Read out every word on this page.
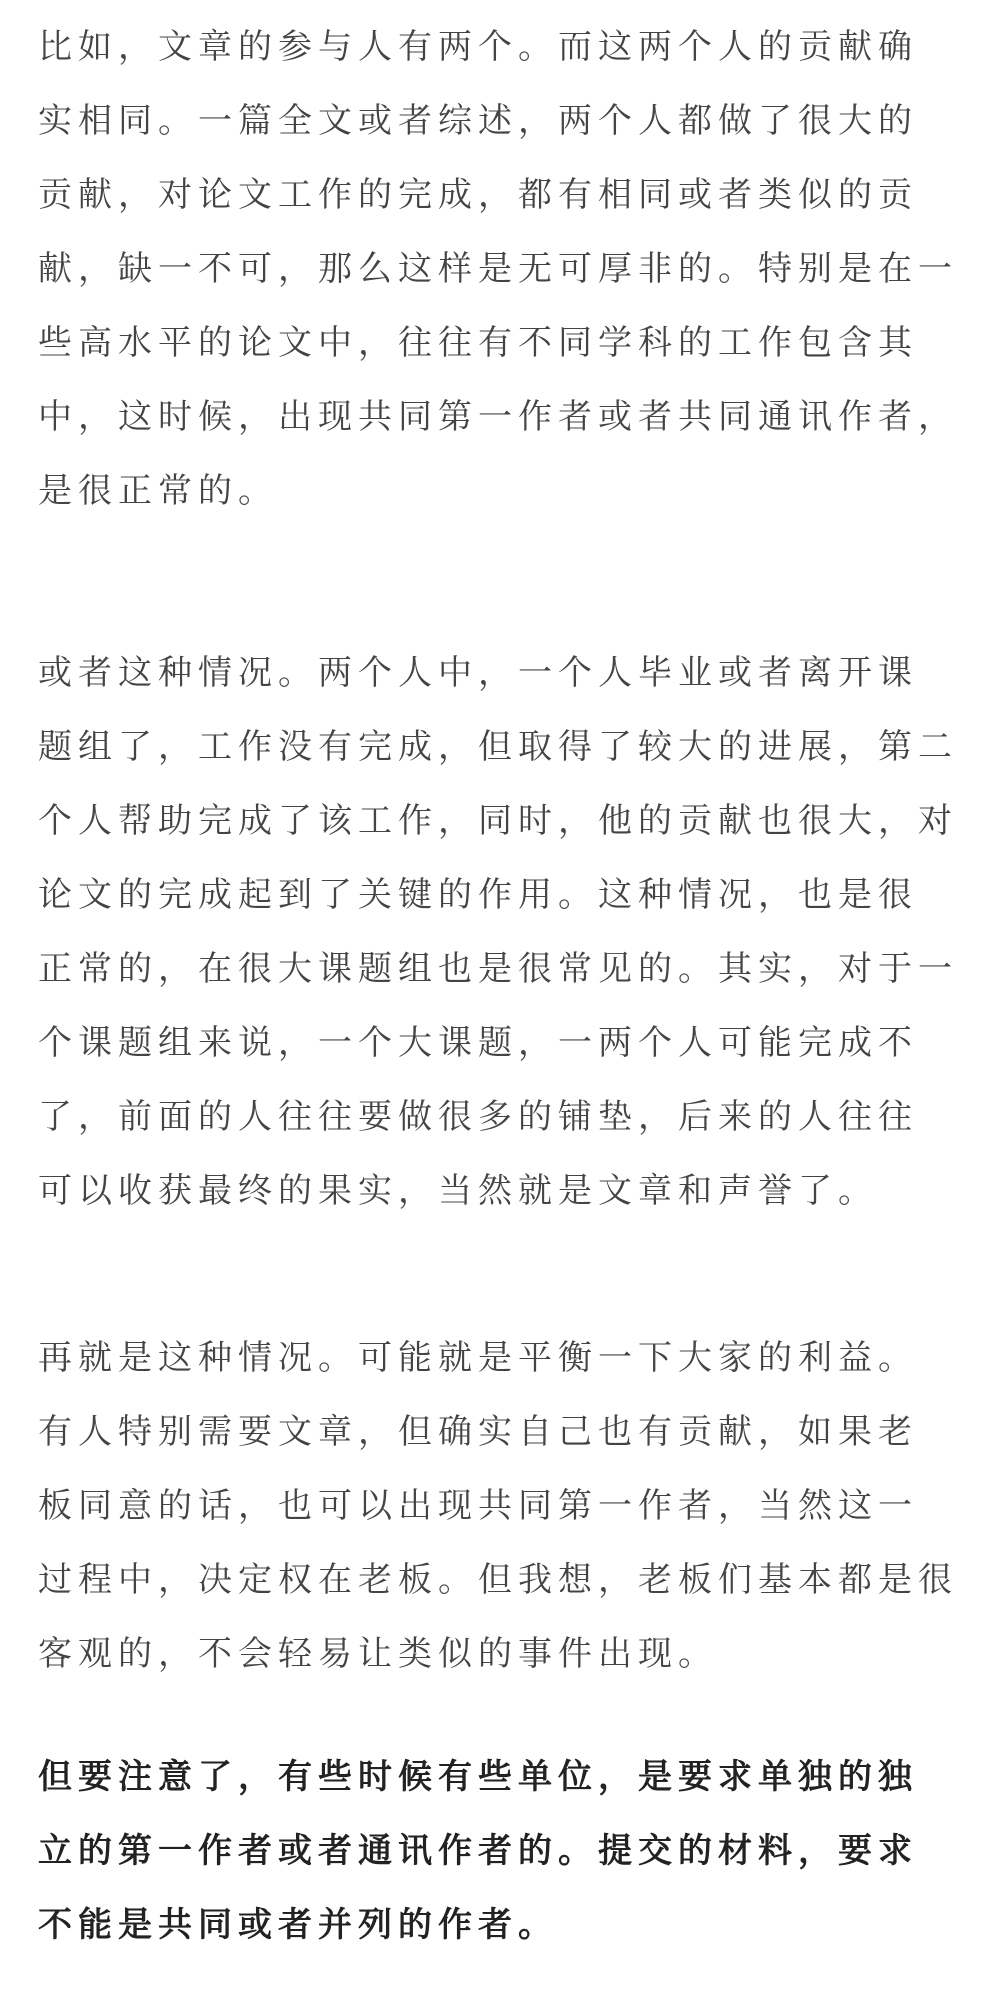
比如，文章的参与人有两个。而这两个人的贡献确
实相同。一篇全文或者综述，两个人都做了很大的
贡献，对论文工作的完成，都有相同或者类似的贡
献，缺一不可，那么这样是无可厚非的。特别是在一
些高水平的论文中，往往有不同学科的工作包含其
中，这时候，出现共同第一作者或者共同通讯作者，
是很正常的。

或者这种情况。两个人中，一个人毕业或者离开课
题组了，工作没有完成，但取得了较大的进展，第二
个人帮助完成了该工作，同时，他的贡献也很大，对
论文的完成起到了关键的作用。这种情况，也是很
正常的，在很大课题组也是很常见的。其实，对于一
个课题组来说，一个大课题，一两个人可能完成不
了，前面的人往往要做很多的铺垫，后来的人往往
可以收获最终的果实，当然就是文章和声誉了。

再就是这种情况。可能就是平衡一下大家的利益。
有人特别需要文章，但确实自己也有贡献，如果老
板同意的话，也可以出现共同第一作者，当然这一
过程中，决定权在老板。但我想，老板们基本都是很
客观的，不会轻易让类似的事件出现。

但要注意了，有些时候有些单位，是要求单独的独
立的第一作者或者通讯作者的。提交的材料，要求
不能是共同或者并列的作者。
